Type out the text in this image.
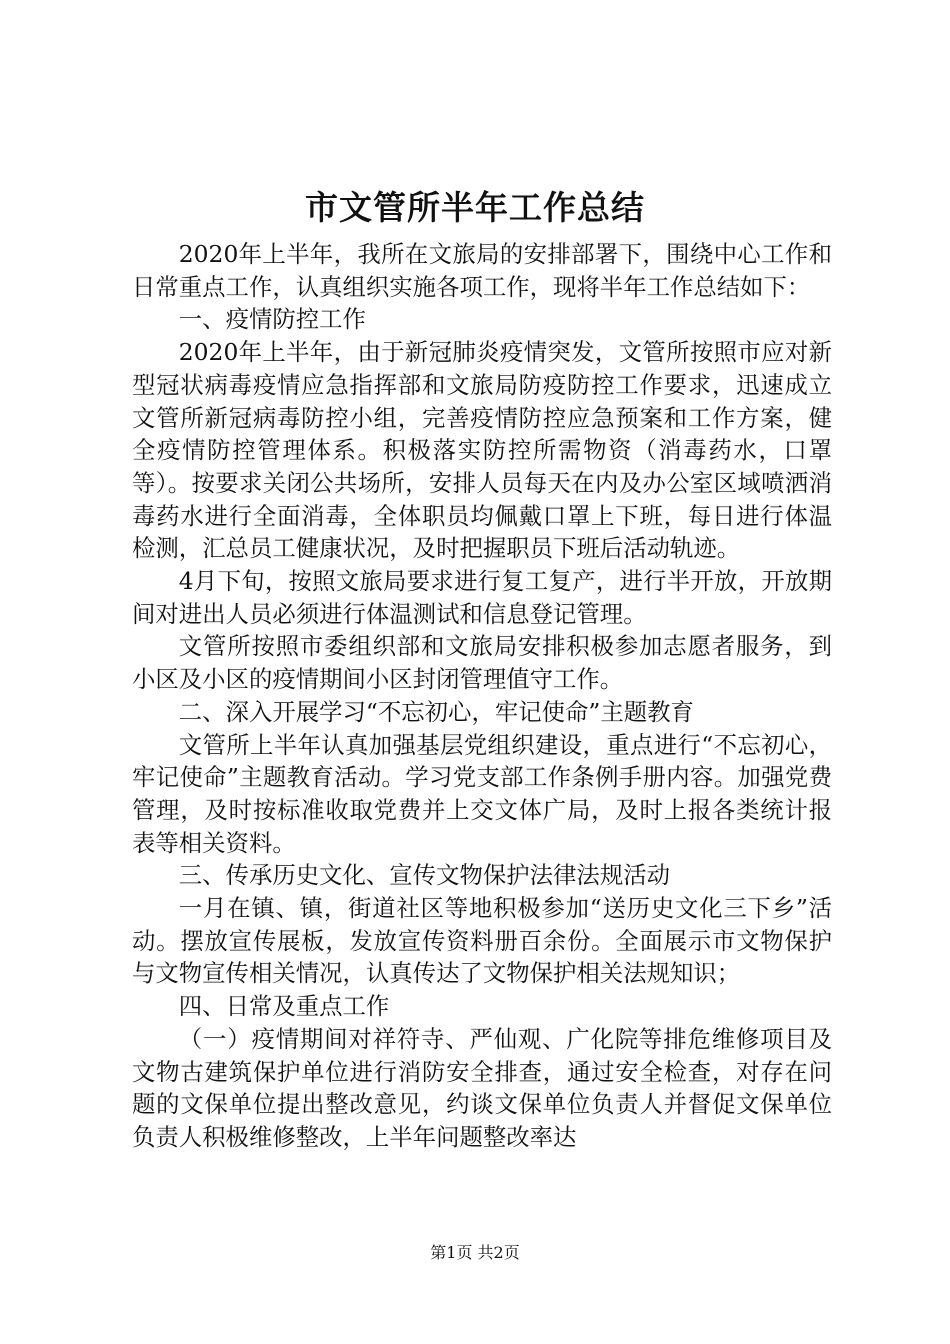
市文管所半年工作总结

2020年上半年，我所在文旅局的安排部署下，围绕中心工作和日常重点工作，认真组织实施各项工作，现将半年工作总结如下：

一、疫情防控工作

2020年上半年，由于新冠肺炎疫情突发，文管所按照市应对新型冠状病毒疫情应急指挥部和文旅局防疫防控工作要求，迅速成立文管所新冠病毒防控小组，完善疫情防控应急预案和工作方案，健全疫情防控管理体系。积极落实防控所需物资（消毒药水，口罩等）。按要求关闭公共场所，安排人员每天在内及办公室区域喷洒消毒药水进行全面消毒，全体职员均佩戴口罩上下班，每日进行体温检测，汇总员工健康状况，及时把握职员下班后活动轨迹。

4月下旬，按照文旅局要求进行复工复产，进行半开放，开放期间对进出人员必须进行体温测试和信息登记管理。

文管所按照市委组织部和文旅局安排积极参加志愿者服务，到小区及小区的疫情期间小区封闭管理值守工作。

二、深入开展学习“不忘初心，牢记使命”主题教育

文管所上半年认真加强基层党组织建设，重点进行“不忘初心，牢记使命”主题教育活动。学习党支部工作条例手册内容。加强党费管理，及时按标准收取党费并上交文体广局，及时上报各类统计报表等相关资料。

三、传承历史文化、宣传文物保护法律法规活动

一月在镇、镇，街道社区等地积极参加“送历史文化三下乡”活动。摆放宣传展板，发放宣传资料册百余份。全面展示市文物保护与文物宣传相关情况，认真传达了文物保护相关法规知识；

四、日常及重点工作

（一）疫情期间对祥符寺、严仙观、广化院等排危维修项目及文物古建筑保护单位进行消防安全排查，通过安全检查，对存在问题的文保单位提出整改意见，约谈文保单位负责人并督促文保单位负责人积极维修整改，上半年问题整改率达

第1页 共2页
